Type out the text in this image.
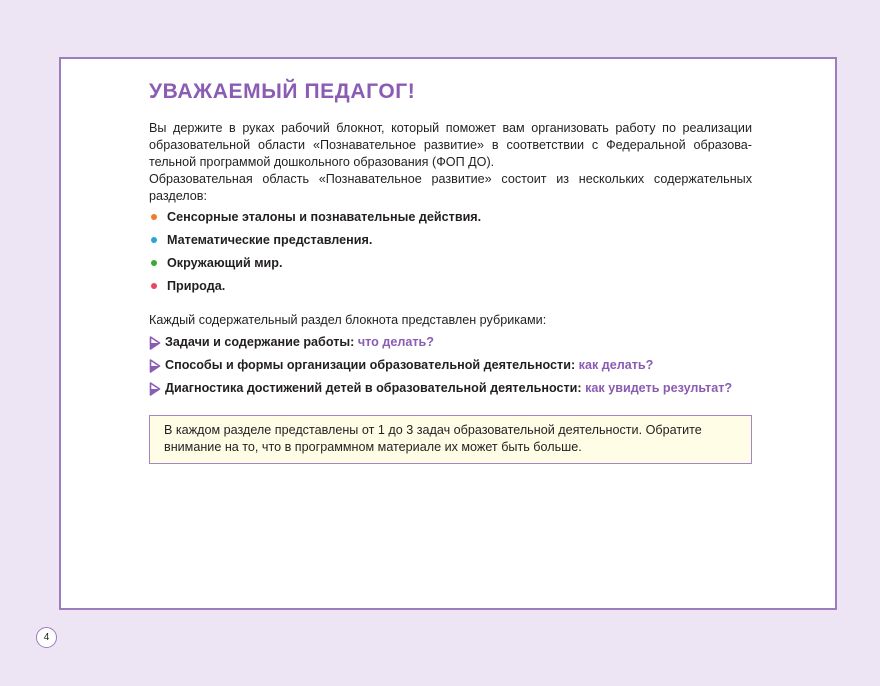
УВАЖАЕМЫЙ ПЕДАГОГ!

Вы держите в руках рабочий блокнот, который поможет вам организовать работу по реализации образовательной области «Познавательное развитие» в соответствии с Федеральной образовательной программой дошкольного образования (ФОП ДО).

Образовательная область «Познавательное развитие» состоит из нескольких содержательных разделов:

Сенсорные эталоны и познавательные действия.
Математические представления.
Окружающий мир.
Природа.

Каждый содержательный раздел блокнота представлен рубриками:

Задачи и содержание работы: что делать?
Способы и формы организации образовательной деятельности: как делать?
Диагностика достижений детей в образовательной деятельности: как увидеть результат?
В каждом разделе представлены от 1 до 3 задач образовательной деятельности. Обратите внимание на то, что в программном материале их может быть больше.
4
